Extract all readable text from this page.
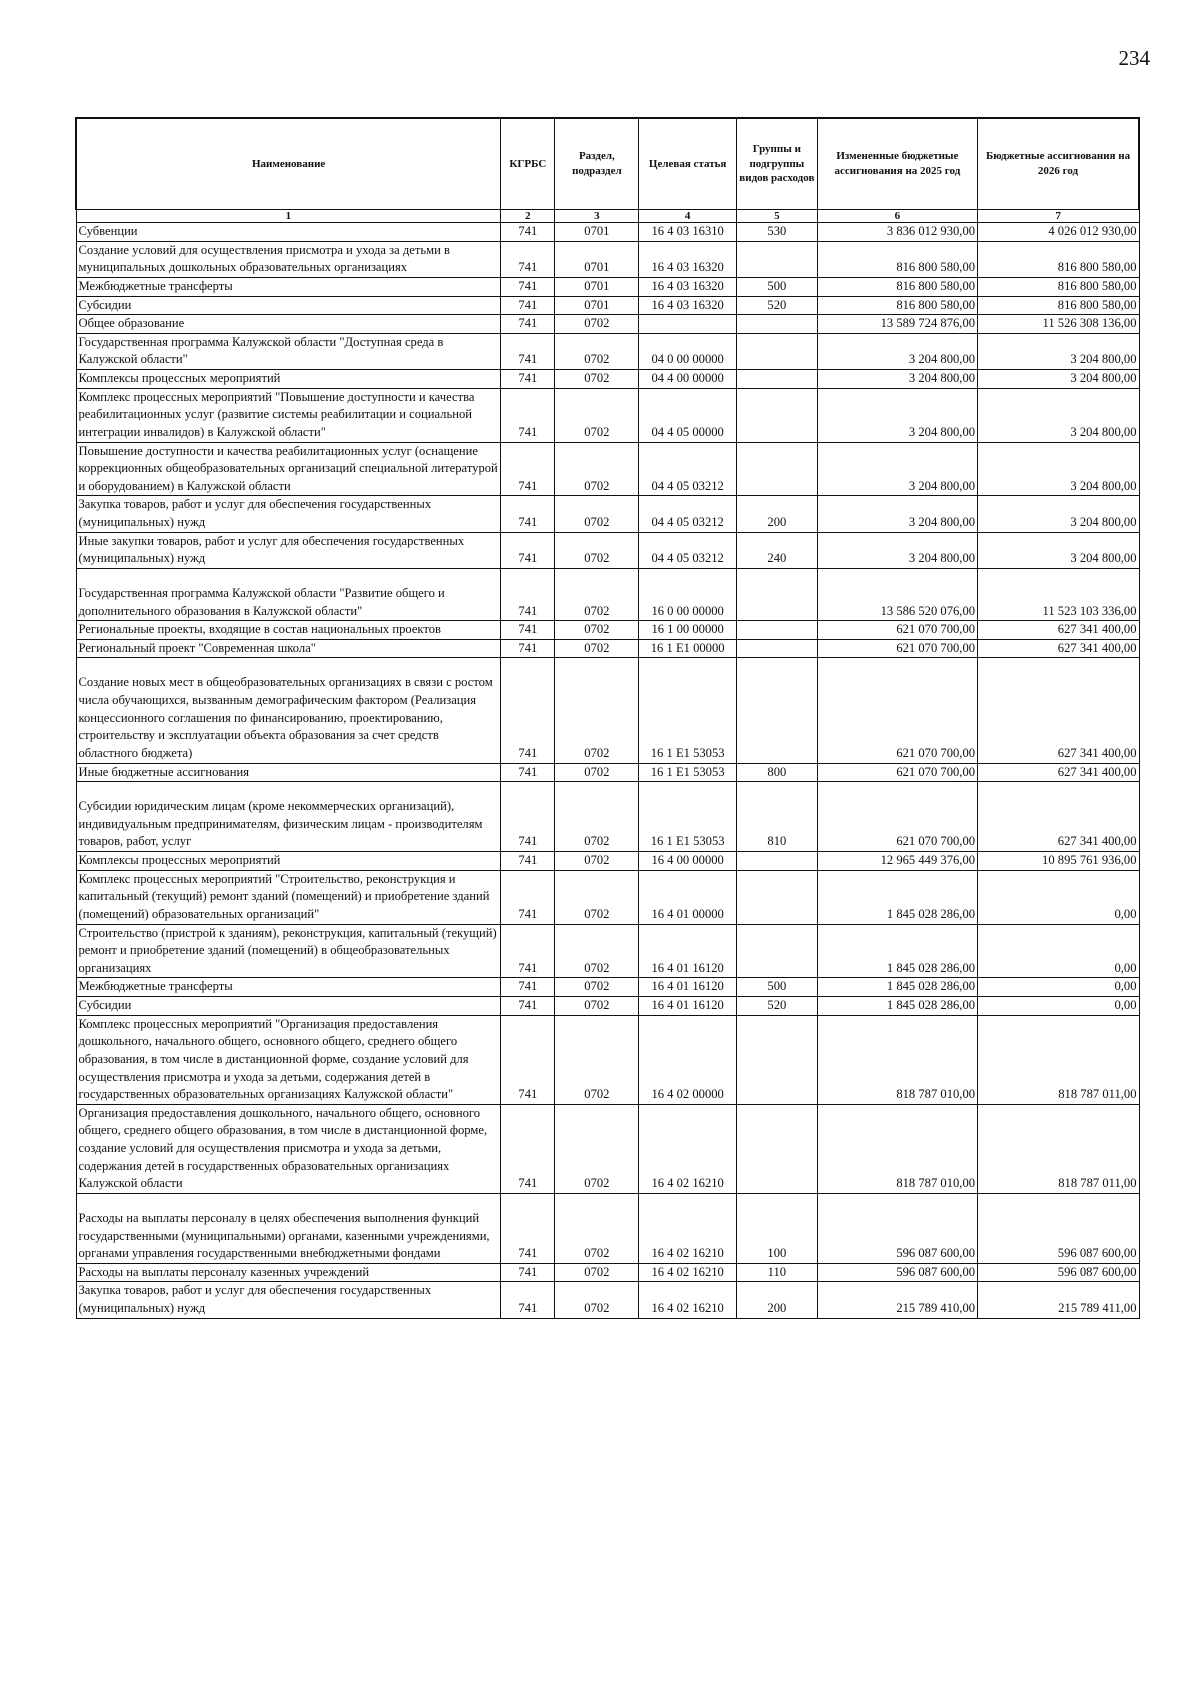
234
Наименование	КГРБС	Раздел, подраздел	Целевая статья	Группы и подгруппы видов расходов	Измененные бюджетные ассигнования на 2025 год	Бюджетные ассигнования на 2026 год
1	2	3	4	5	6	7
Субвенции	741	0701	16 4 03 16310	530	3 836 012 930,00	4 026 012 930,00
Создание условий для осуществления присмотра и ухода за детьми в муниципальных дошкольных образовательных организациях	741	0701	16 4 03 16320		816 800 580,00	816 800 580,00
Межбюджетные трансферты	741	0701	16 4 03 16320	500	816 800 580,00	816 800 580,00
Субсидии	741	0701	16 4 03 16320	520	816 800 580,00	816 800 580,00
Общее образование	741	0702			13 589 724 876,00	11 526 308 136,00
Государственная программа Калужской области "Доступная среда в Калужской области"	741	0702	04 0 00 00000		3 204 800,00	3 204 800,00
Комплексы процессных мероприятий	741	0702	04 4 00 00000		3 204 800,00	3 204 800,00
Комплекс процессных мероприятий "Повышение доступности и качества реабилитационных услуг (развитие системы реабилитации и социальной интеграции инвалидов) в Калужской области"	741	0702	04 4 05 00000		3 204 800,00	3 204 800,00
Повышение доступности и качества реабилитационных услуг (оснащение коррекционных общеобразовательных организаций специальной литературой и оборудованием) в Калужской области	741	0702	04 4 05 03212		3 204 800,00	3 204 800,00
Закупка товаров, работ и услуг для обеспечения государственных (муниципальных) нужд	741	0702	04 4 05 03212	200	3 204 800,00	3 204 800,00
Иные закупки товаров, работ и услуг для обеспечения государственных (муниципальных) нужд	741	0702	04 4 05 03212	240	3 204 800,00	3 204 800,00
Государственная программа Калужской области "Развитие общего и дополнительного образования в Калужской области"	741	0702	16 0 00 00000		13 586 520 076,00	11 523 103 336,00
Региональные проекты, входящие в состав национальных проектов	741	0702	16 1 00 00000		621 070 700,00	627 341 400,00
Региональный проект "Современная школа"	741	0702	16 1 Е1 00000		621 070 700,00	627 341 400,00
Создание новых мест в общеобразовательных организациях в связи с ростом числа обучающихся, вызванным демографическим фактором (Реализация концессионного соглашения по финансированию, проектированию, строительству и эксплуатации объекта образования за счет средств областного бюджета)	741	0702	16 1 Е1 53053		621 070 700,00	627 341 400,00
Иные бюджетные ассигнования	741	0702	16 1 Е1 53053	800	621 070 700,00	627 341 400,00
Субсидии юридическим лицам (кроме некоммерческих организаций), индивидуальным предпринимателям, физическим лицам - производителям товаров, работ, услуг	741	0702	16 1 Е1 53053	810	621 070 700,00	627 341 400,00
Комплексы процессных мероприятий	741	0702	16 4 00 00000		12 965 449 376,00	10 895 761 936,00
Комплекс процессных мероприятий "Строительство, реконструкция и капитальный (текущий) ремонт зданий (помещений) и приобретение зданий (помещений) образовательных организаций"	741	0702	16 4 01 00000		1 845 028 286,00	0,00
Строительство (пристрой к зданиям), реконструкция, капитальный (текущий) ремонт и приобретение зданий (помещений) в общеобразовательных организациях	741	0702	16 4 01 16120		1 845 028 286,00	0,00
Межбюджетные трансферты	741	0702	16 4 01 16120	500	1 845 028 286,00	0,00
Субсидии	741	0702	16 4 01 16120	520	1 845 028 286,00	0,00
Комплекс процессных мероприятий "Организация предоставления дошкольного, начального общего, основного общего, среднего общего образования, в том числе в дистанционной форме, создание условий для осуществления присмотра и ухода за детьми, содержания детей в государственных образовательных организациях Калужской области"	741	0702	16 4 02 00000		818 787 010,00	818 787 011,00
Организация предоставления дошкольного, начального общего, основного общего, среднего общего образования, в том числе в дистанционной форме, создание условий для осуществления присмотра и ухода за детьми, содержания детей в государственных образовательных организациях Калужской области	741	0702	16 4 02 16210		818 787 010,00	818 787 011,00
Расходы на выплаты персоналу в целях обеспечения выполнения функций государственными (муниципальными) органами, казенными учреждениями, органами управления государственными внебюджетными фондами	741	0702	16 4 02 16210	100	596 087 600,00	596 087 600,00
Расходы на выплаты персоналу казенных учреждений	741	0702	16 4 02 16210	110	596 087 600,00	596 087 600,00
Закупка товаров, работ и услуг для обеспечения государственных (муниципальных) нужд	741	0702	16 4 02 16210	200	215 789 410,00	215 789 411,00
